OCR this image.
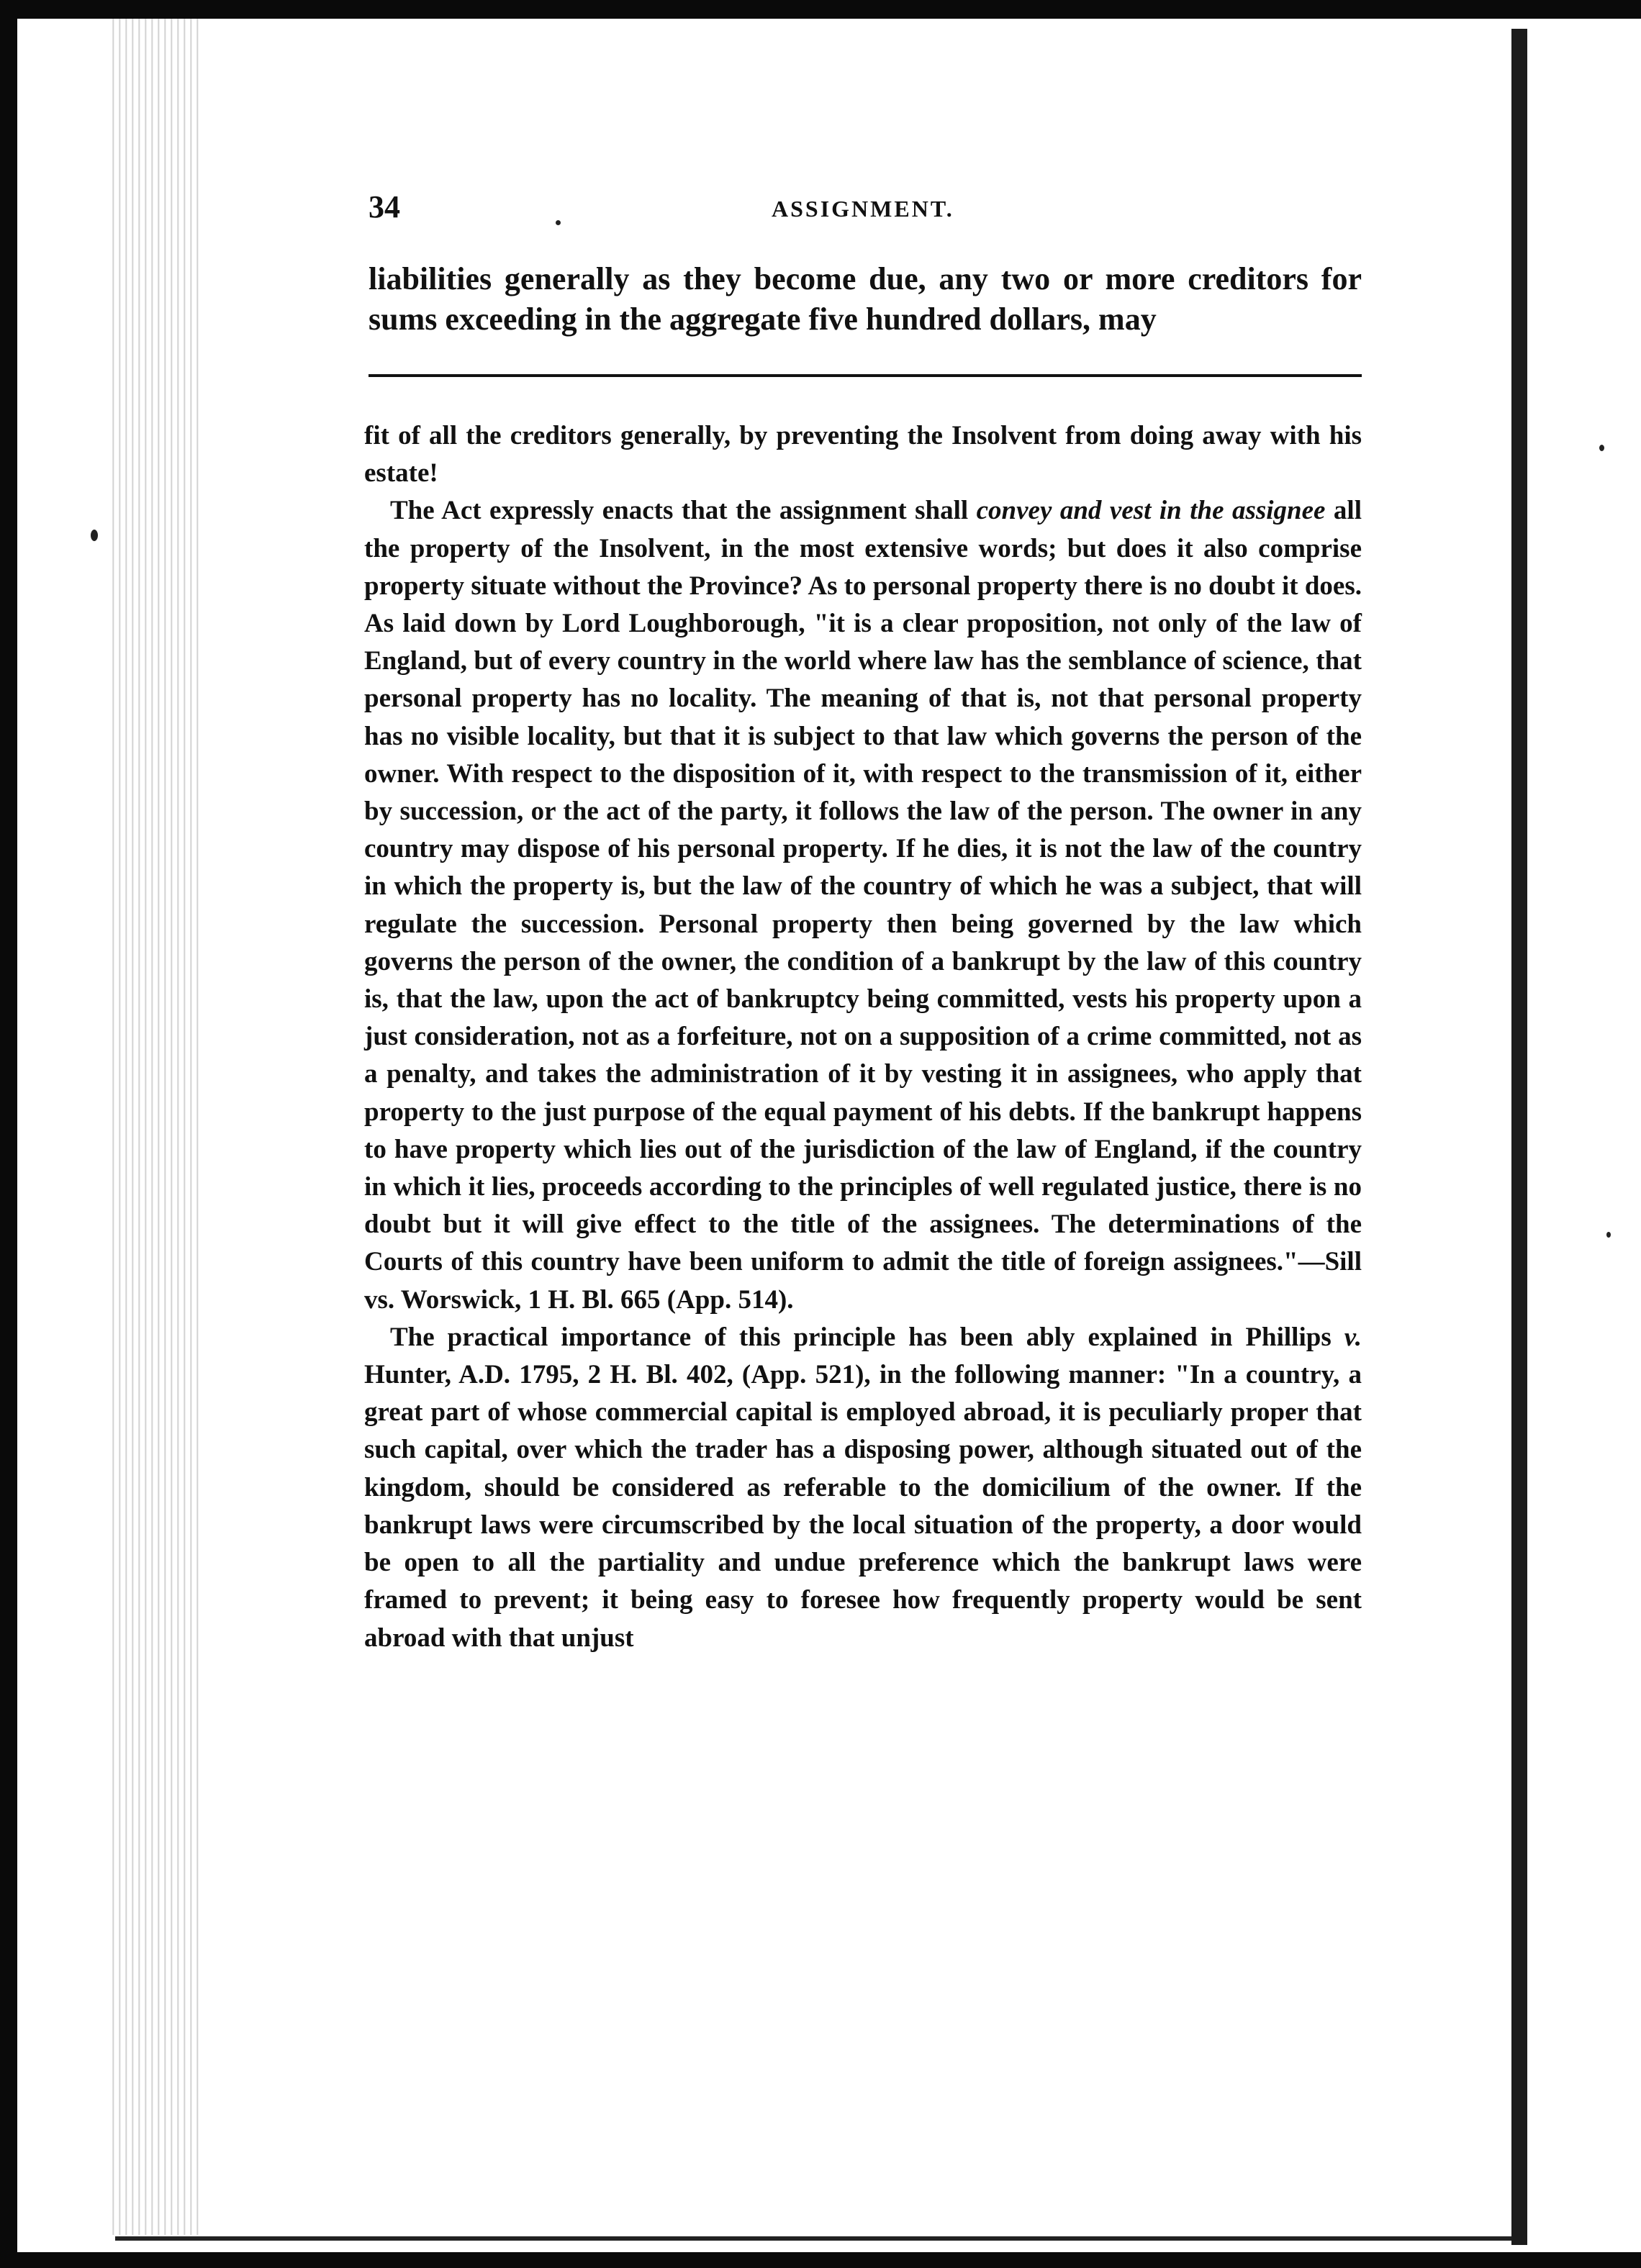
34	ASSIGNMENT.

liabilities generally as they become due, any two or more creditors for sums exceeding in the aggregate five hundred dollars, may

fit of all the creditors generally, by preventing the Insolvent from doing away with his estate!

The Act expressly enacts that the assignment shall convey and vest in the assignee all the property of the Insolvent, in the most extensive words; but does it also comprise property situate without the Province? As to personal property there is no doubt it does. As laid down by Lord Loughborough, "it is a clear proposition, not only of the law of England, but of every country in the world where law has the semblance of science, that personal property has no locality. The meaning of that is, not that personal property has no visible locality, but that it is subject to that law which governs the person of the owner. With respect to the disposition of it, with respect to the transmission of it, either by succession, or the act of the party, it follows the law of the person. The owner in any country may dispose of his personal property. If he dies, it is not the law of the country in which the property is, but the law of the country of which he was a subject, that will regulate the succession. Personal property then being governed by the law which governs the person of the owner, the condition of a bankrupt by the law of this country is, that the law, upon the act of bankruptcy being committed, vests his property upon a just consideration, not as a forfeiture, not on a supposition of a crime committed, not as a penalty, and takes the administration of it by vesting it in assignees, who apply that property to the just purpose of the equal payment of his debts. If the bankrupt happens to have property which lies out of the jurisdiction of the law of England, if the country in which it lies, proceeds according to the principles of well regulated justice, there is no doubt but it will give effect to the title of the assignees. The determinations of the Courts of this country have been uniform to admit the title of foreign assignees."—Sill vs. Worswick, 1 H. Bl. 665 (App. 514).

The practical importance of this principle has been ably explained in Phillips v. Hunter, A.D. 1795, 2 H. Bl. 402, (App. 521), in the following manner: "In a country, a great part of whose commercial capital is employed abroad, it is peculiarly proper that such capital, over which the trader has a disposing power, although situated out of the kingdom, should be considered as referable to the domicilium of the owner. If the bankrupt laws were circumscribed by the local situation of the property, a door would be open to all the partiality and undue preference which the bankrupt laws were framed to prevent; it being easy to foresee how frequently property would be sent abroad with that unjust
